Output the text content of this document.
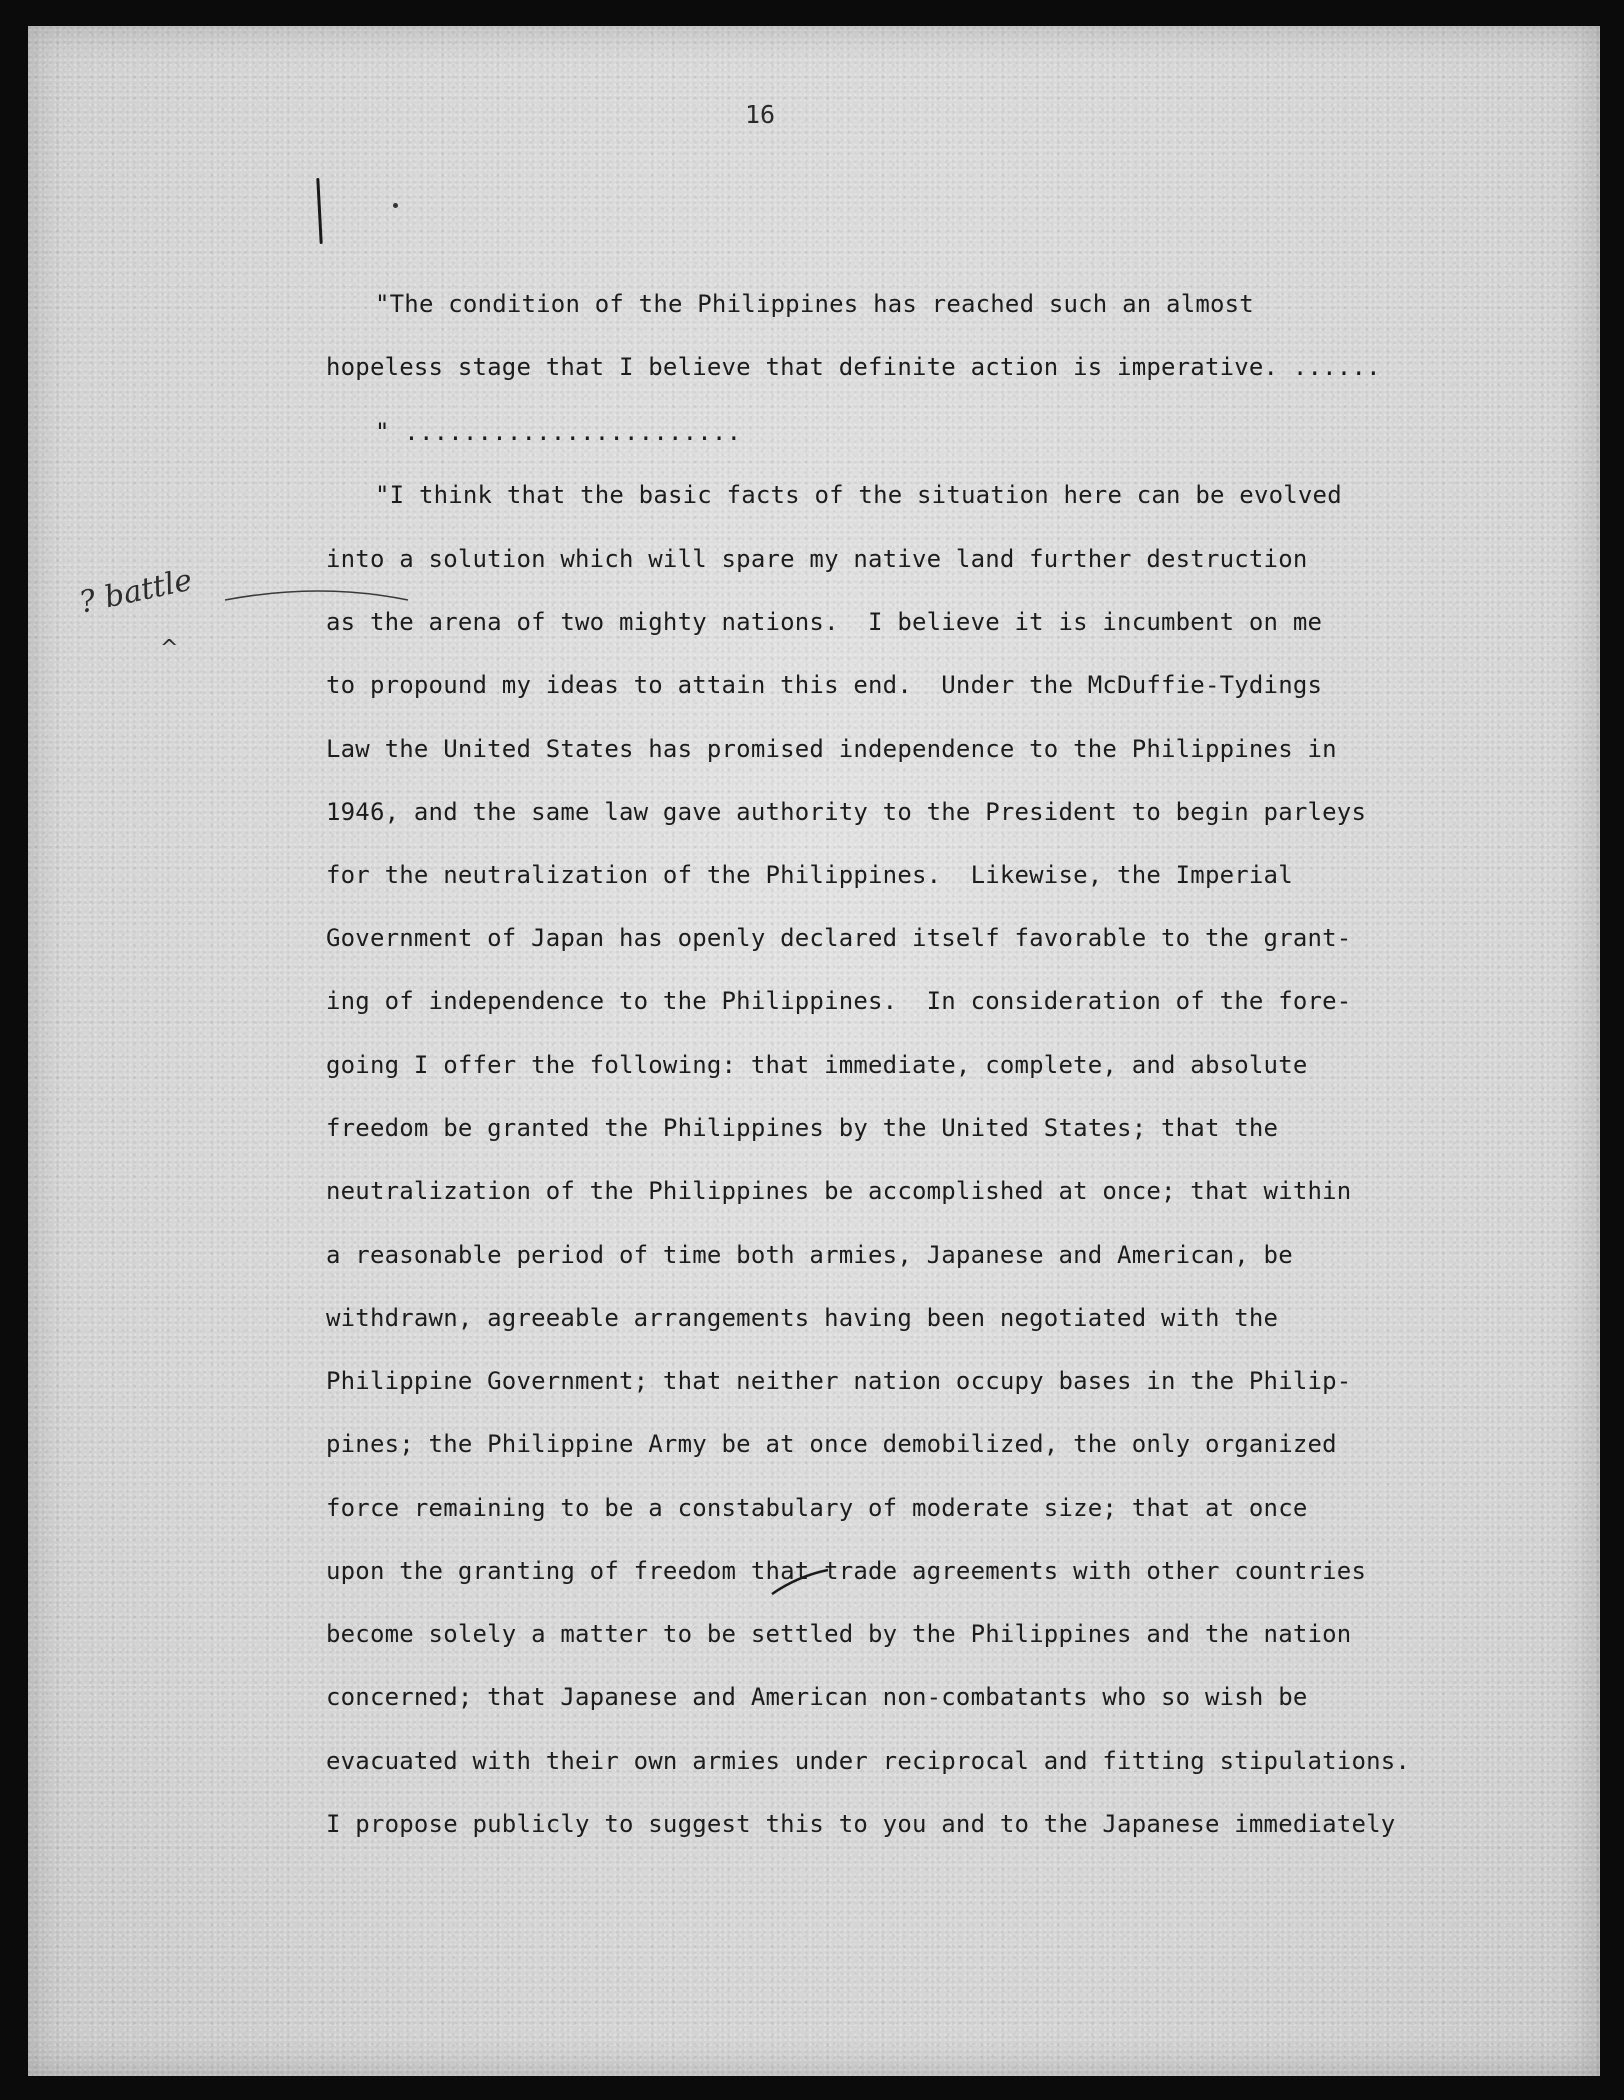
16
? battle
^
"The condition of the Philippines has reached such an almost
hopeless stage that I believe that definite action is imperative. ......
" .......................
"I think that the basic facts of the situation here can be evolved
into a solution which will spare my native land further destruction
as the arena of two mighty nations.  I believe it is incumbent on me
to propound my ideas to attain this end.  Under the McDuffie-Tydings
Law the United States has promised independence to the Philippines in
1946, and the same law gave authority to the President to begin parleys
for the neutralization of the Philippines.  Likewise, the Imperial
Government of Japan has openly declared itself favorable to the grant-
ing of independence to the Philippines.  In consideration of the fore-
going I offer the following: that immediate, complete, and absolute
freedom be granted the Philippines by the United States; that the
neutralization of the Philippines be accomplished at once; that within
a reasonable period of time both armies, Japanese and American, be
withdrawn, agreeable arrangements having been negotiated with the
Philippine Government; that neither nation occupy bases in the Philip-
pines; the Philippine Army be at once demobilized, the only organized
force remaining to be a constabulary of moderate size; that at once
upon the granting of freedom that trade agreements with other countries
become solely a matter to be settled by the Philippines and the nation
concerned; that Japanese and American non-combatants who so wish be
evacuated with their own armies under reciprocal and fitting stipulations.
I propose publicly to suggest this to you and to the Japanese immediately
